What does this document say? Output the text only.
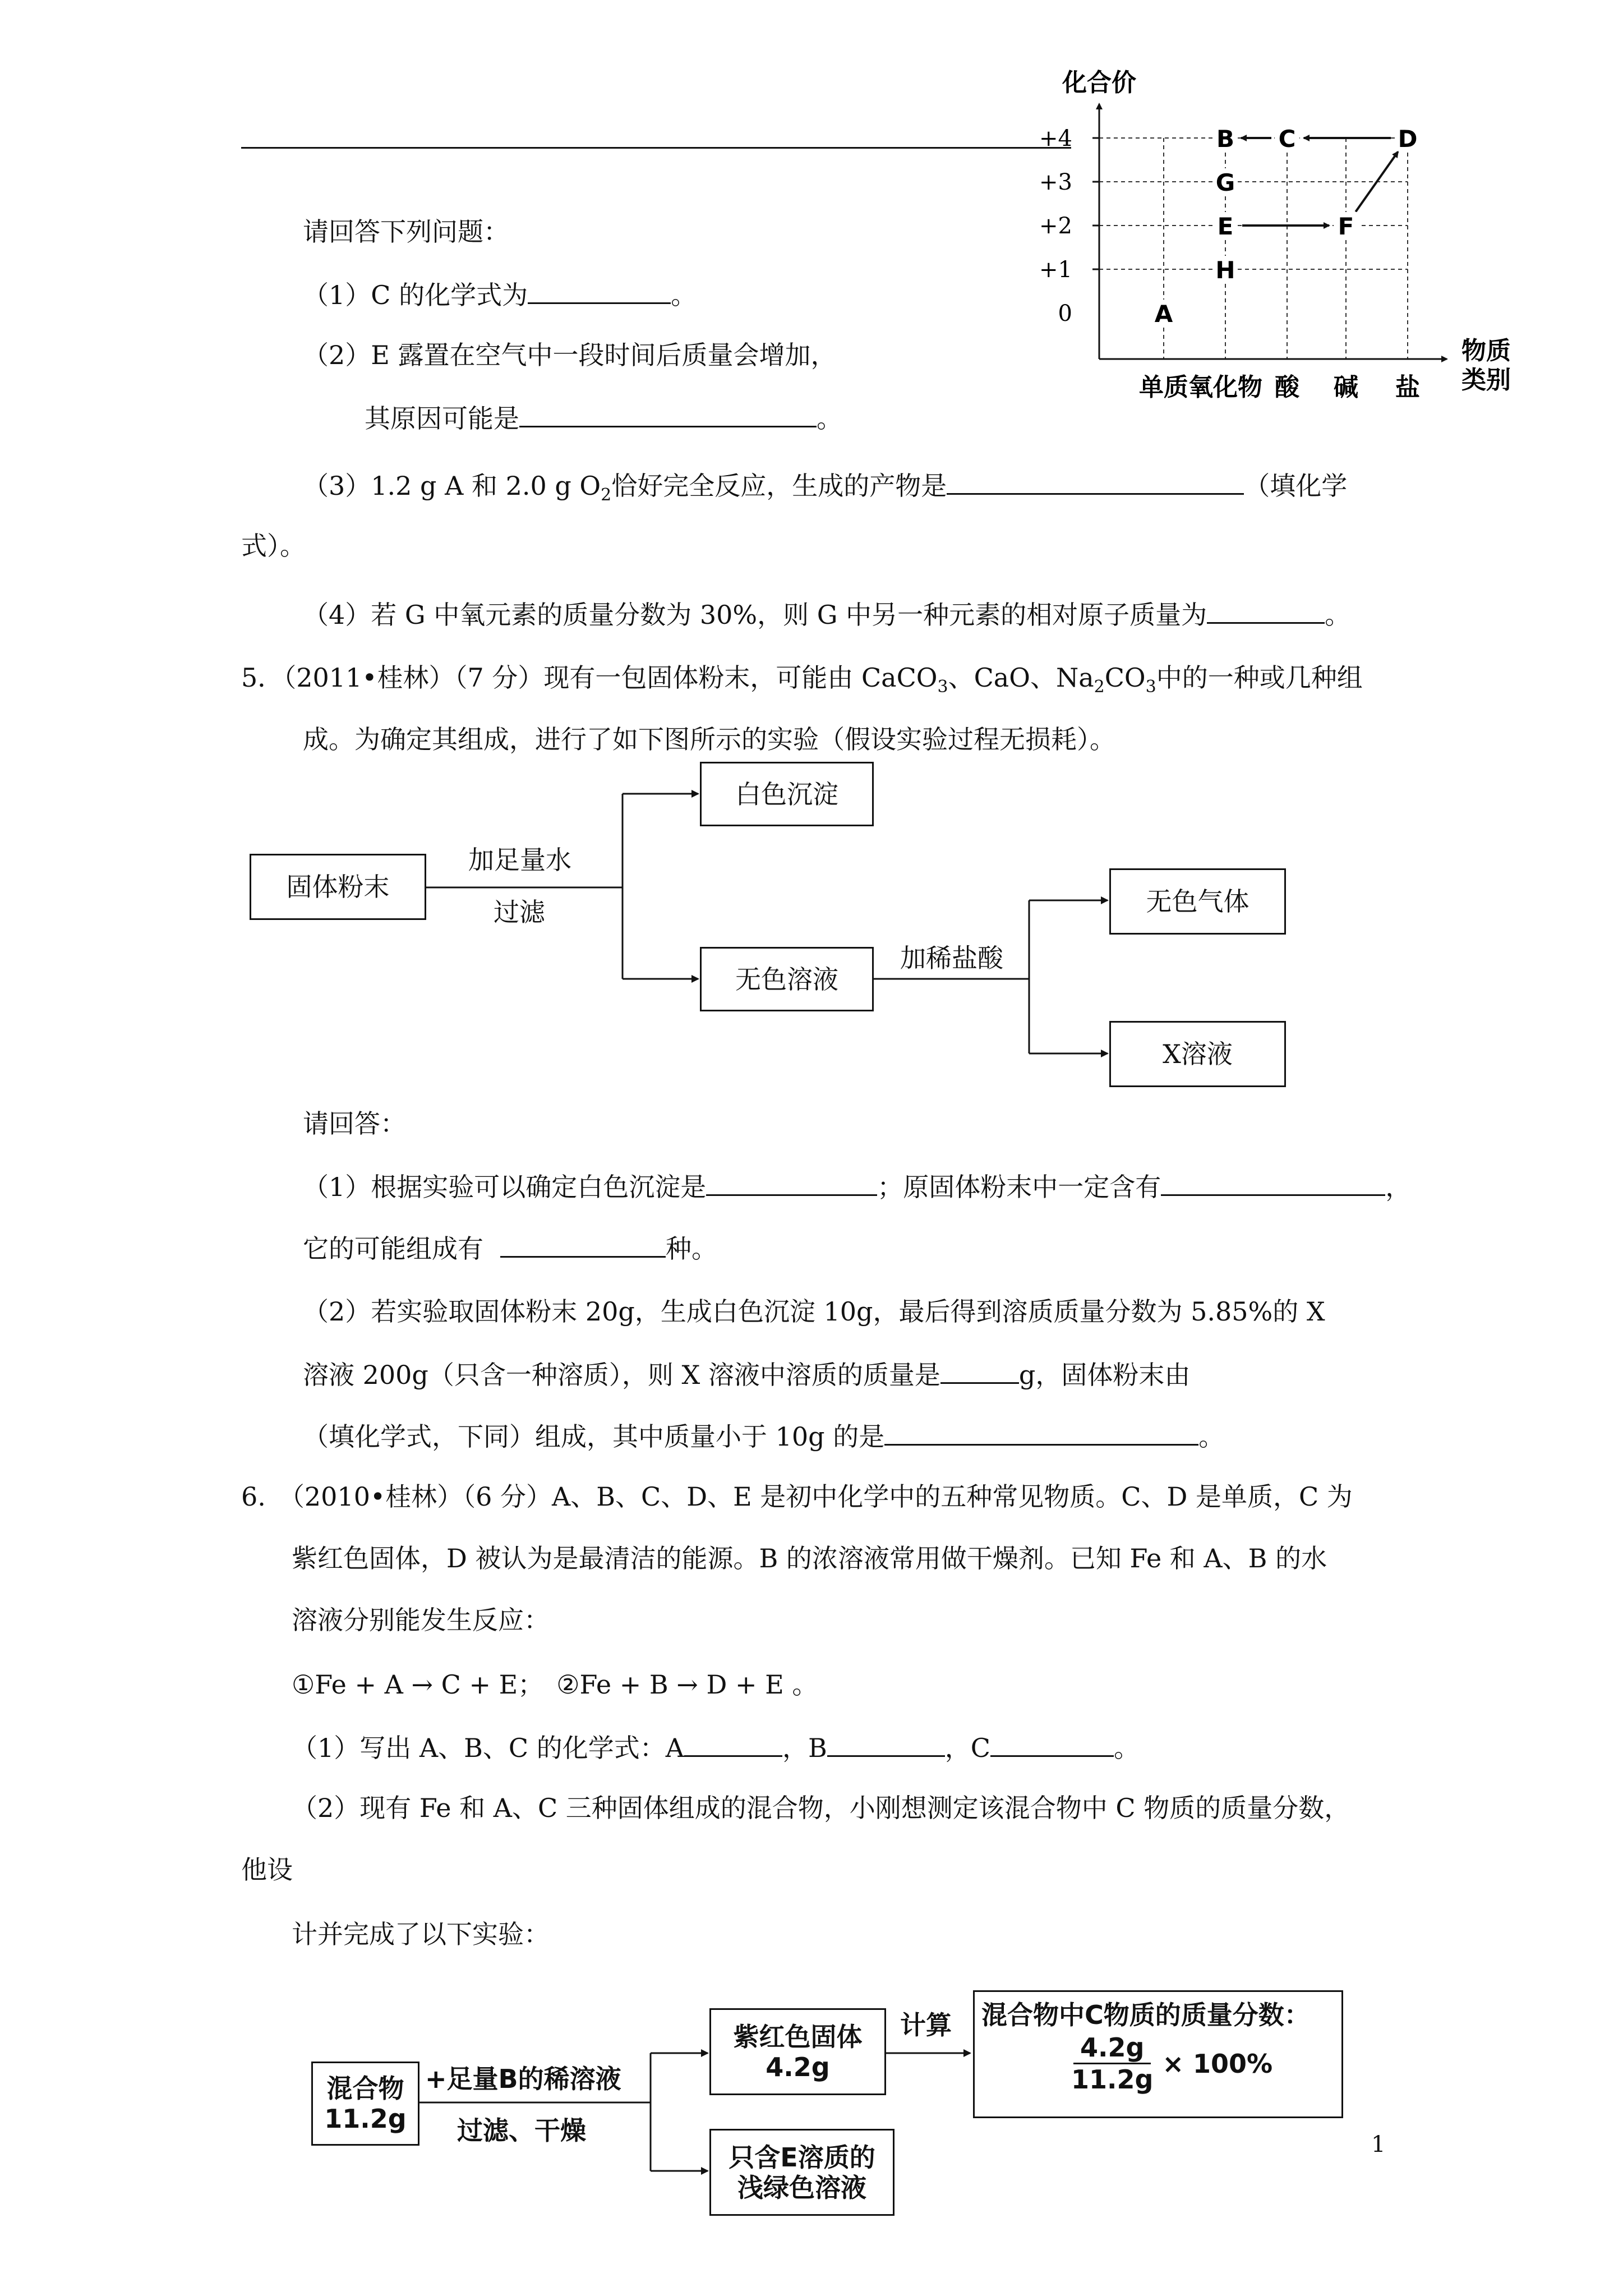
A
B C	D
G
E	F
H
+4
+3
+2
+1
0
单质 氧化物 酸 碱 盐
化合价
物质
类别
请回答下列问题：
（1）C 的化学式为	。
（2）E 露置在空气中一段时间后质量会增加，
其原因可能是	。
（3）1.2 g A 和 2.0 g $O_2$恰好完全反应，生成的产物是	（填化学
式）。
（4）若 G 中氧元素的质量分数为 30%，则 G 中另一种元素的相对原子质量为	。
5．（2011•桂林）（7 分）现有一包固体粉末，可能由 CaCO$_3$、CaO、$Na_2CO_3$中的一种或几种组
成。为确定其组成，进行了如下图所示的实验（假设实验过程无损耗）。
固体粉末
加足量水
过滤
白色沉淀
无色溶液
加稀盐酸
无色气体
X溶液
请回答：
（1）根据实验可以确定白色沉淀是	；原固体粉末中一定含有	，
它的可能组成有	种。
（2）若实验取固体粉末 20g，生成白色沉淀 10g，最后得到溶质质量分数为 5.85%的 X
溶液 200g（只含一种溶质），则 X 溶液中溶质的质量是	g，固体粉末由
（填化学式，下同）组成，其中质量小于 10g 的是	。
6.　（2010•桂林）（6 分）A、B、C、D、E 是初中化学中的五种常见物质。C、D 是单质，C 为
紫红色固体，D 被认为是最清洁的能源。B 的浓溶液常用做干燥剂。已知 Fe 和 A、B 的水
溶液分别能发生反应：
①Fe + A → C + E；　②Fe + B → D + E 。
（1）写出 A、B、C 的化学式：A	，B	，C	。
（2）现有 Fe 和 A、C 三种固体组成的混合物，小刚想测定该混合物中 C 物质的质量分数，
他设
计并完成了以下实验：
混合物
11.2g
+足量B的稀溶液
过滤、干燥
紫红色固体
4.2g
计算 混合物中C物质的质量分数：
$\frac{4.2g}{11.2g} \times 100\%$
只含E溶质的
浅绿色溶液
1
